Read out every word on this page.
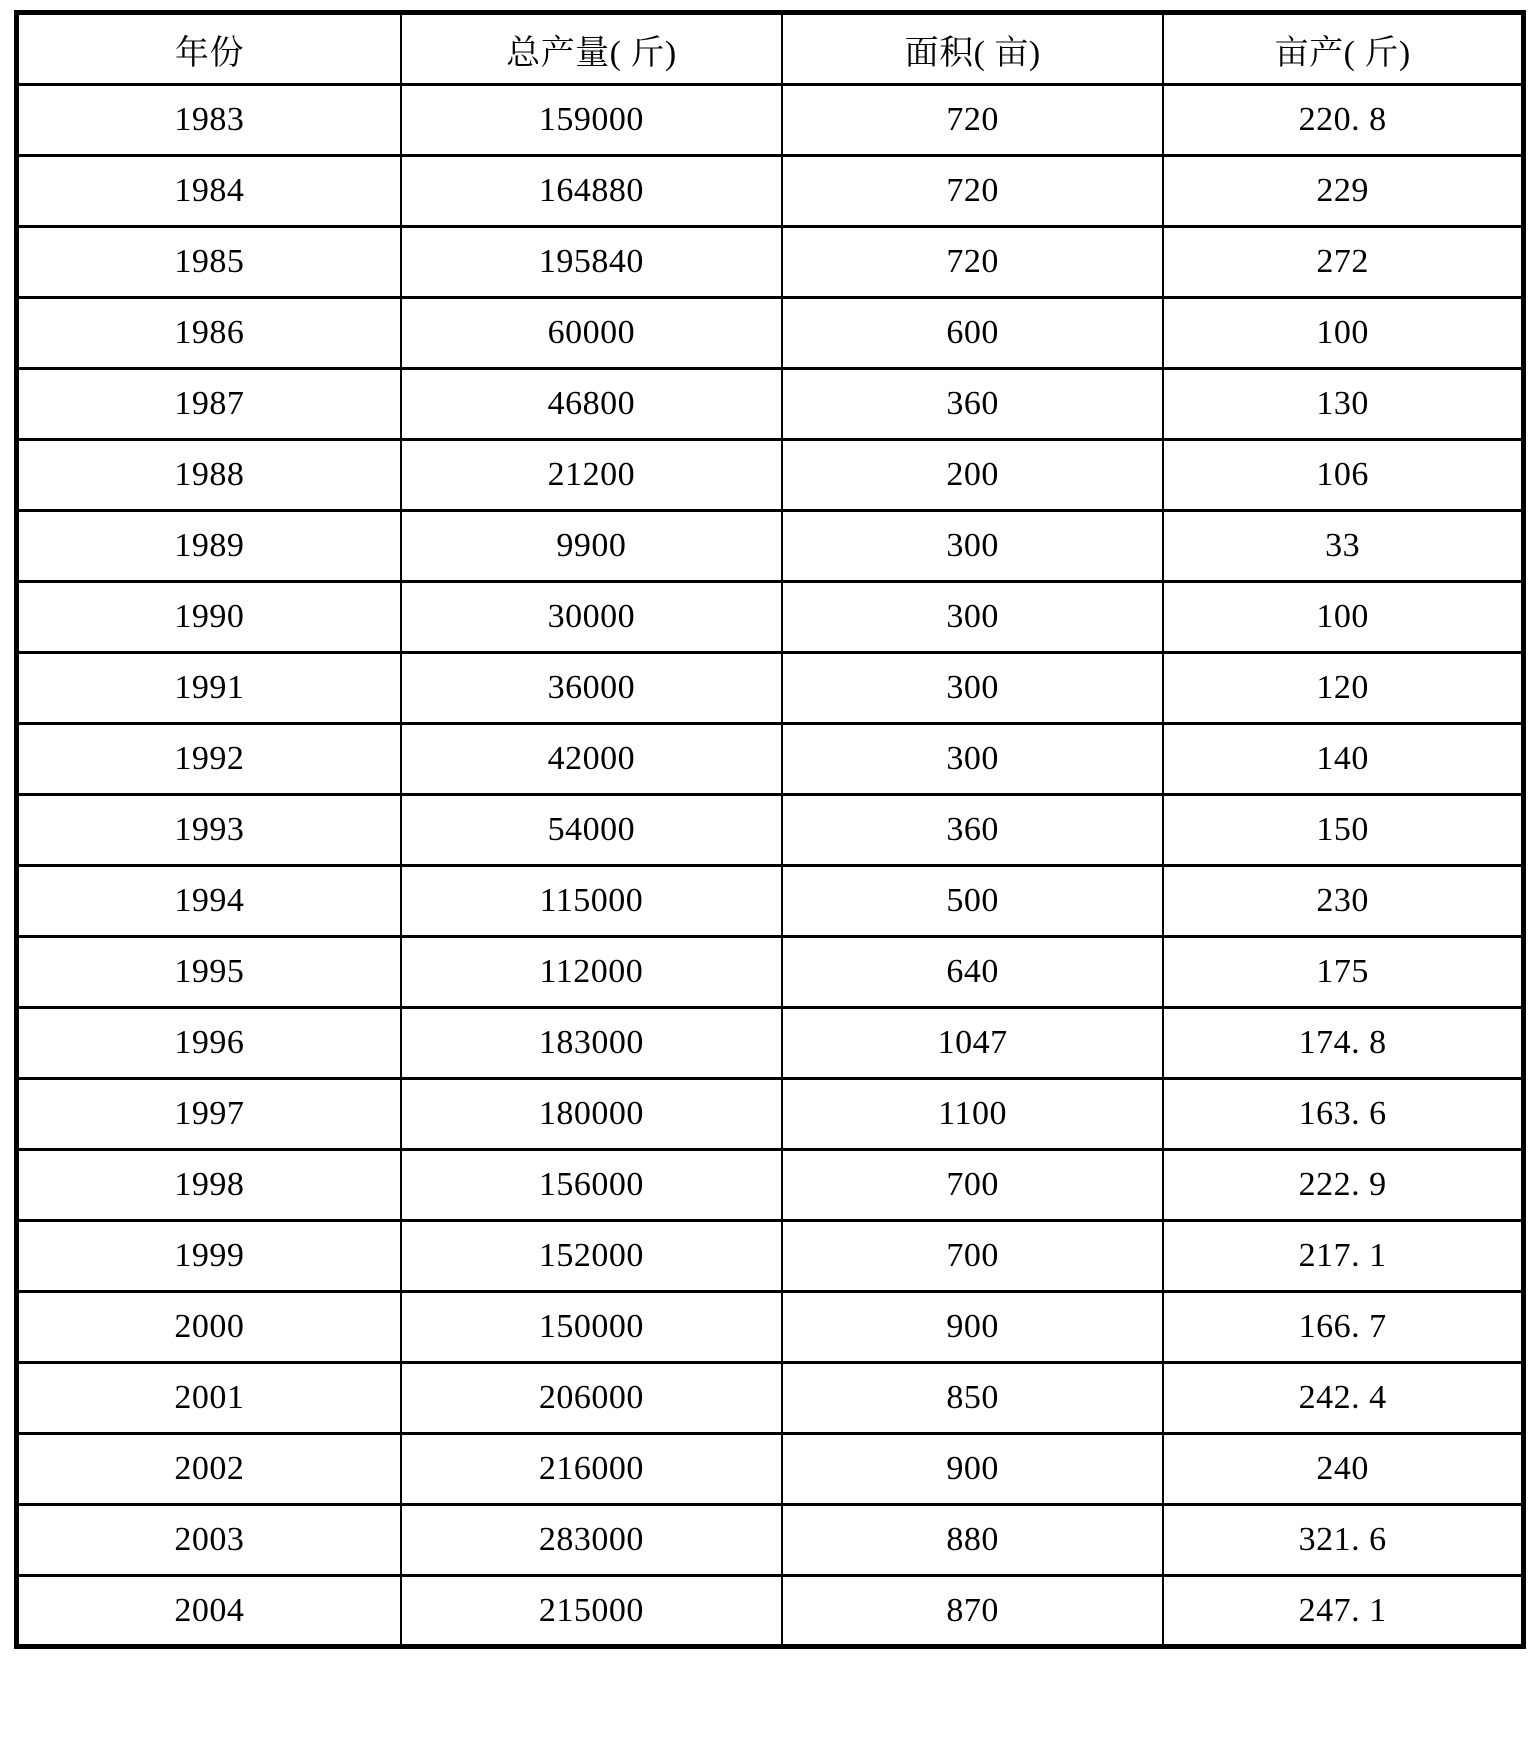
年份	总产量( 斤)	面积( 亩)	亩产( 斤)
1983	159000	720	220. 8
1984	164880	720	229
1985	195840	720	272
1986	60000	600	100
1987	46800	360	130
1988	21200	200	106
1989	9900	300	33
1990	30000	300	100
1991	36000	300	120
1992	42000	300	140
1993	54000	360	150
1994	115000	500	230
1995	112000	640	175
1996	183000	1047	174. 8
1997	180000	1100	163. 6
1998	156000	700	222. 9
1999	152000	700	217. 1
2000	150000	900	166. 7
2001	206000	850	242. 4
2002	216000	900	240
2003	283000	880	321. 6
2004	215000	870	247. 1
